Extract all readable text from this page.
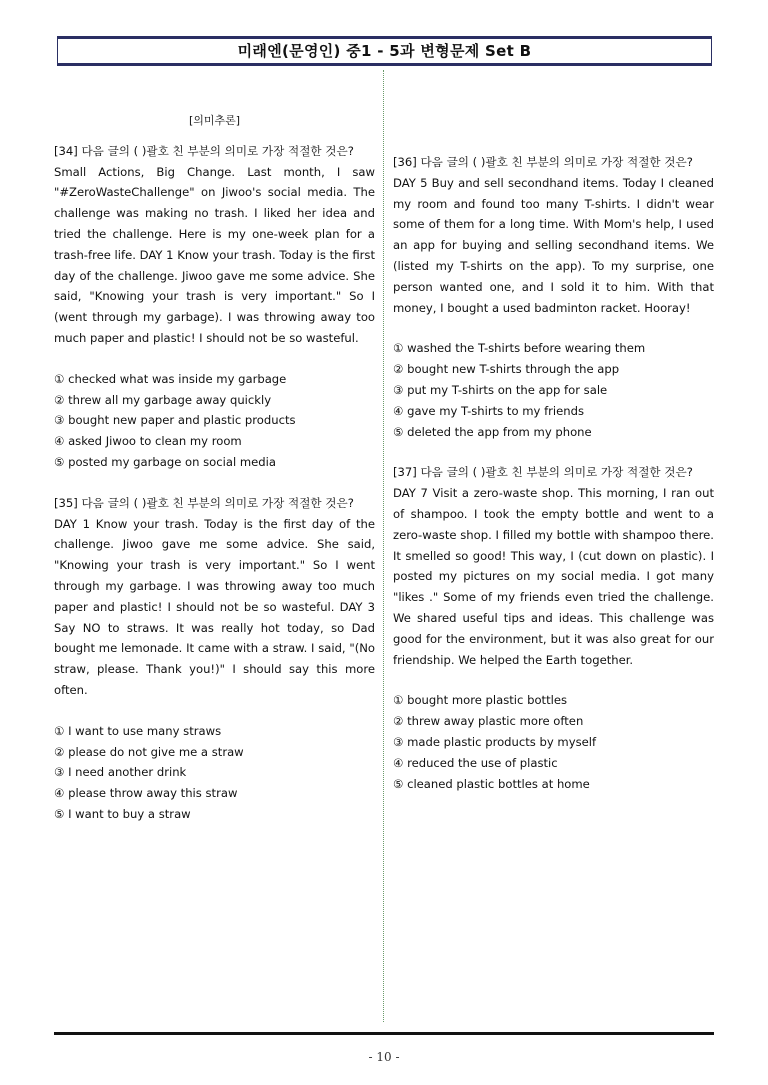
미래엔(문영인) 중1 - 5과 변형문제 Set B
[의미추론]

[34] 다음 글의 ( )괄호 친 부분의 의미로 가장 적절한 것은?

Small Actions, Big Change. Last month, I saw "#ZeroWasteChallenge" on Jiwoo's social media. The challenge was making no trash. I liked her idea and tried the challenge. Here is my one-week plan for a trash-free life. DAY 1 Know your trash. Today is the first day of the challenge. Jiwoo gave me some advice. She said, "Knowing your trash is very important." So I (went through my garbage). I was throwing away too much paper and plastic! I should not be so wasteful.

① checked what was inside my garbage

② threw all my garbage away quickly

③ bought new paper and plastic products

④ asked Jiwoo to clean my room

⑤ posted my garbage on social media

[35] 다음 글의 ( )괄호 친 부분의 의미로 가장 적절한 것은?

DAY 1 Know your trash. Today is the first day of the challenge. Jiwoo gave me some advice. She said, "Knowing your trash is very important." So I went through my garbage. I was throwing away too much paper and plastic! I should not be so wasteful. DAY 3 Say NO to straws. It was really hot today, so Dad bought me lemonade. It came with a straw. I said, "(No straw, please. Thank you!)" I should say this more often.

① I want to use many straws

② please do not give me a straw

③ I need another drink

④ please throw away this straw

⑤ I want to buy a straw

[36] 다음 글의 ( )괄호 친 부분의 의미로 가장 적절한 것은?

DAY 5 Buy and sell secondhand items. Today I cleaned my room and found too many T-shirts. I didn't wear some of them for a long time. With Mom's help, I used an app for buying and selling secondhand items. We (listed my T-shirts on the app). To my surprise, one person wanted one, and I sold it to him. With that money, I bought a used badminton racket. Hooray!

① washed the T-shirts before wearing them

② bought new T-shirts through the app

③ put my T-shirts on the app for sale

④ gave my T-shirts to my friends

⑤ deleted the app from my phone

[37] 다음 글의 ( )괄호 친 부분의 의미로 가장 적절한 것은?

DAY 7 Visit a zero-waste shop. This morning, I ran out of shampoo. I took the empty bottle and went to a zero-waste shop. I filled my bottle with shampoo there. It smelled so good! This way, I (cut down on plastic). I posted my pictures on my social media. I got many "likes ." Some of my friends even tried the challenge. We shared useful tips and ideas. This challenge was good for the environment, but it was also great for our friendship. We helped the Earth together.

① bought more plastic bottles

② threw away plastic more often

③ made plastic products by myself

④ reduced the use of plastic

⑤ cleaned plastic bottles at home

- 10 -
